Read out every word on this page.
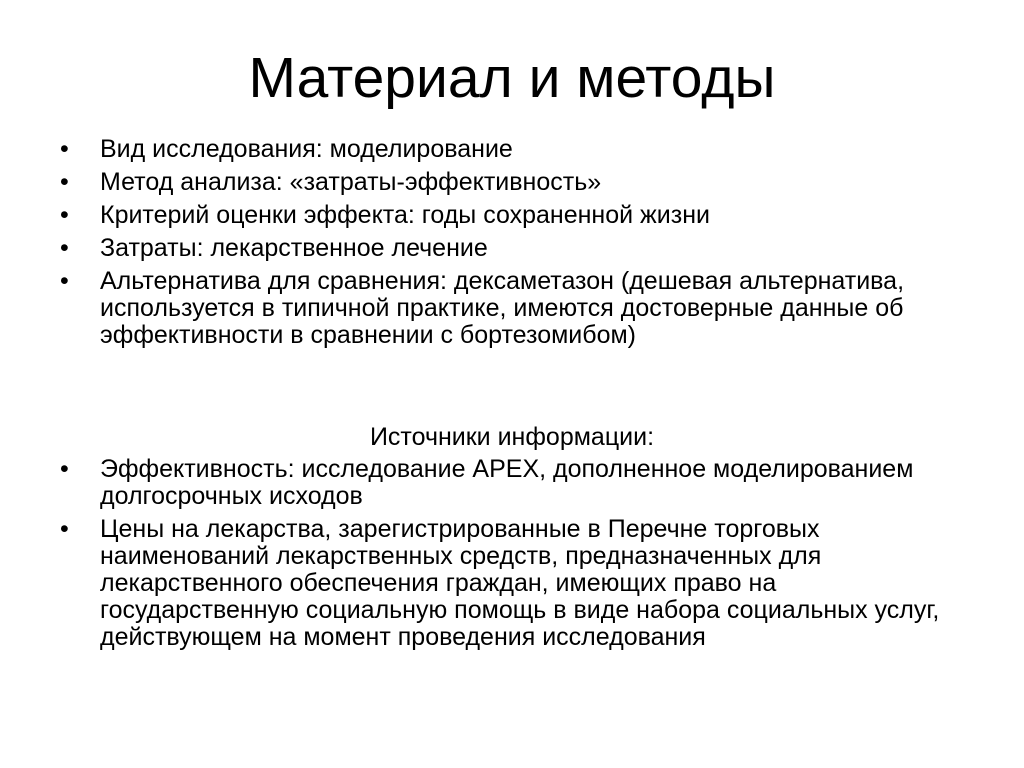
Материал и методы
•	Вид исследования: моделирование
•	Метод анализа: «затраты-эффективность»
•	Критерий оценки эффекта: годы сохраненной жизни
•	Затраты: лекарственное лечение
•	Альтернатива для сравнения: дексаметазон (дешевая альтернатива, используется в типичной практике, имеются достоверные данные об эффективности в сравнении с бортезомибом)
Источники информации:
•	Эффективность: исследование APEX, дополненное моделированием долгосрочных исходов
•	Цены на лекарства, зарегистрированные в Перечне торговых наименований лекарственных средств, предназначенных для лекарственного обеспечения граждан, имеющих право на государственную социальную помощь в виде набора социальных услуг, действующем на момент проведения исследования
